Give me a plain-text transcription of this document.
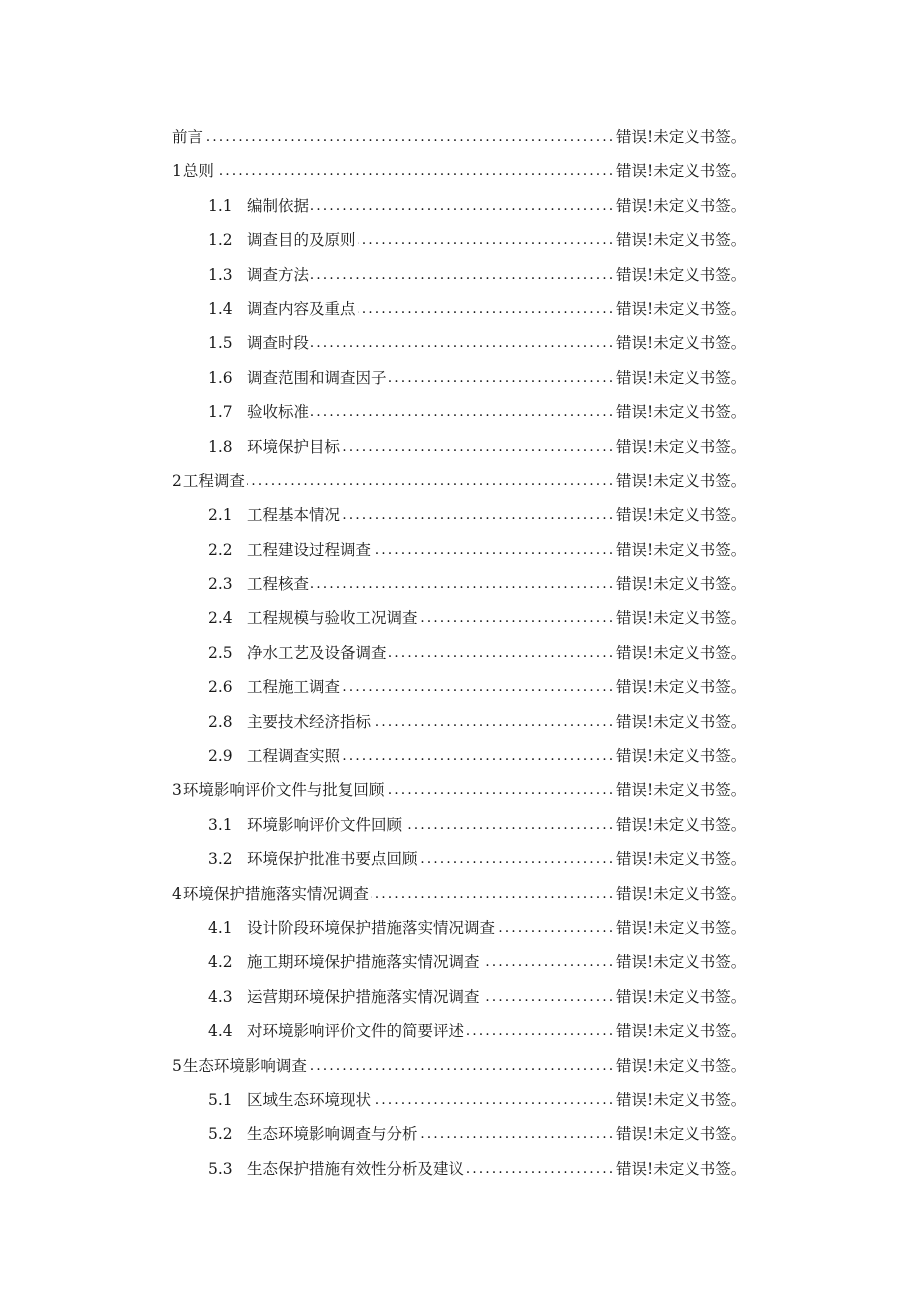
前言 . . .	错误!未定义书签。
1 总则 . . .	错误!未定义书签。
1.1 编制依据 . . .	错误!未定义书签。
1.2 调查目的及原则 . . .	错误!未定义书签。
1.3 调查方法 . . .	错误!未定义书签。
1.4 调查内容及重点 . . .	错误!未定义书签。
1.5 调查时段 . . .	错误!未定义书签。
1.6 调查范围和调查因子 . . .	错误!未定义书签。
1.7 验收标准 . . .	错误!未定义书签。
1.8 环境保护目标 . . .	错误!未定义书签。
2 工程调查 . . .	错误!未定义书签。
2.1 工程基本情况 . . .	错误!未定义书签。
2.2 工程建设过程调查 . . .	错误!未定义书签。
2.3 工程核查 . . .	错误!未定义书签。
2.4 工程规模与验收工况调查 . . .	错误!未定义书签。
2.5 净水工艺及设备调查 . . .	错误!未定义书签。
2.6 工程施工调查 . . .	错误!未定义书签。
2.8 主要技术经济指标 . . .	错误!未定义书签。
2.9 工程调查实照 . . .	错误!未定义书签。
3 环境影响评价文件与批复回顾 . . .	错误!未定义书签。
3.1 环境影响评价文件回顾 . . .	错误!未定义书签。
3.2 环境保护批准书要点回顾 . . .	错误!未定义书签。
4 环境保护措施落实情况调查 . . .	错误!未定义书签。
4.1 设计阶段环境保护措施落实情况调查 . . .	错误!未定义书签。
4.2 施工期环境保护措施落实情况调查 . . .	错误!未定义书签。
4.3 运营期环境保护措施落实情况调查 . . .	错误!未定义书签。
4.4 对环境影响评价文件的简要评述 . . .	错误!未定义书签。
5 生态环境影响调查 . . .	错误!未定义书签。
5.1 区域生态环境现状 . . .	错误!未定义书签。
5.2 生态环境影响调查与分析 . . .	错误!未定义书签。
5.3 生态保护措施有效性分析及建议 . . .	错误!未定义书签。
